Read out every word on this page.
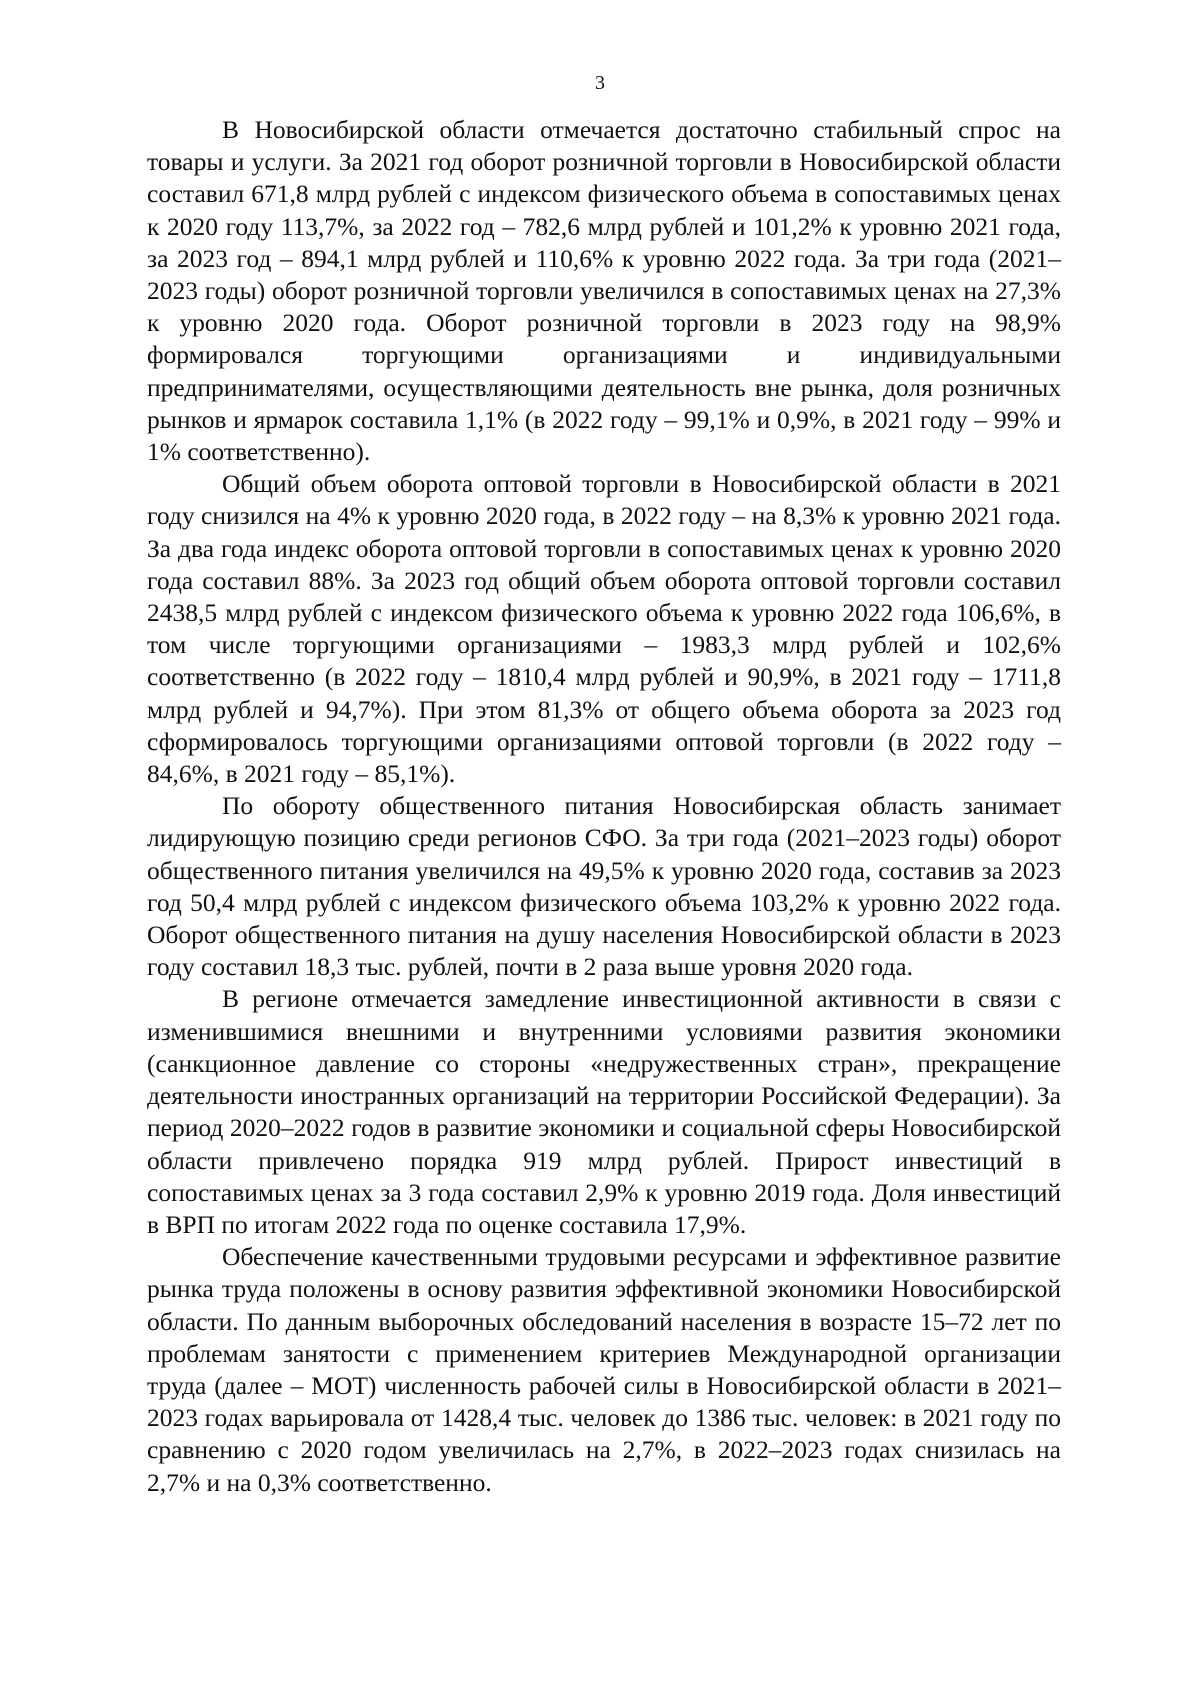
3

В Новосибирской области отмечается достаточно стабильный спрос на товары и услуги. За 2021 год оборот розничной торговли в Новосибирской области составил 671,8 млрд рублей с индексом физического объема в сопоставимых ценах к 2020 году 113,7%, за 2022 год – 782,6 млрд рублей и 101,2% к уровню 2021 года, за 2023 год – 894,1 млрд рублей и 110,6% к уровню 2022 года. За три года (2021–2023 годы) оборот розничной торговли увеличился в сопоставимых ценах на 27,3% к уровню 2020 года. Оборот розничной торговли в 2023 году на 98,9% формировался торгующими организациями и индивидуальными предпринимателями, осуществляющими деятельность вне рынка, доля розничных рынков и ярмарок составила 1,1% (в 2022 году – 99,1% и 0,9%, в 2021 году – 99% и 1% соответственно).

Общий объем оборота оптовой торговли в Новосибирской области в 2021 году снизился на 4% к уровню 2020 года, в 2022 году – на 8,3% к уровню 2021 года. За два года индекс оборота оптовой торговли в сопоставимых ценах к уровню 2020 года составил 88%. За 2023 год общий объем оборота оптовой торговли составил 2438,5 млрд рублей с индексом физического объема к уровню 2022 года 106,6%, в том числе торгующими организациями – 1983,3 млрд рублей и 102,6% соответственно (в 2022 году – 1810,4 млрд рублей и 90,9%, в 2021 году – 1711,8 млрд рублей и 94,7%). При этом 81,3% от общего объема оборота за 2023 год сформировалось торгующими организациями оптовой торговли (в 2022 году – 84,6%, в 2021 году – 85,1%).

По обороту общественного питания Новосибирская область занимает лидирующую позицию среди регионов СФО. За три года (2021–2023 годы) оборот общественного питания увеличился на 49,5% к уровню 2020 года, составив за 2023 год 50,4 млрд рублей с индексом физического объема 103,2% к уровню 2022 года. Оборот общественного питания на душу населения Новосибирской области в 2023 году составил 18,3 тыс. рублей, почти в 2 раза выше уровня 2020 года.

В регионе отмечается замедление инвестиционной активности в связи с изменившимися внешними и внутренними условиями развития экономики (санкционное давление со стороны «недружественных стран», прекращение деятельности иностранных организаций на территории Российской Федерации). За период 2020–2022 годов в развитие экономики и социальной сферы Новосибирской области привлечено порядка 919 млрд рублей. Прирост инвестиций в сопоставимых ценах за 3 года составил 2,9% к уровню 2019 года. Доля инвестиций в ВРП по итогам 2022 года по оценке составила 17,9%.

Обеспечение качественными трудовыми ресурсами и эффективное развитие рынка труда положены в основу развития эффективной экономики Новосибирской области. По данным выборочных обследований населения в возрасте 15–72 лет по проблемам занятости с применением критериев Международной организации труда (далее – МОТ) численность рабочей силы в Новосибирской области в 2021–2023 годах варьировала от 1428,4 тыс. человек до 1386 тыс. человек: в 2021 году по сравнению с 2020 годом увеличилась на 2,7%, в 2022–2023 годах снизилась на 2,7% и на 0,3% соответственно.
